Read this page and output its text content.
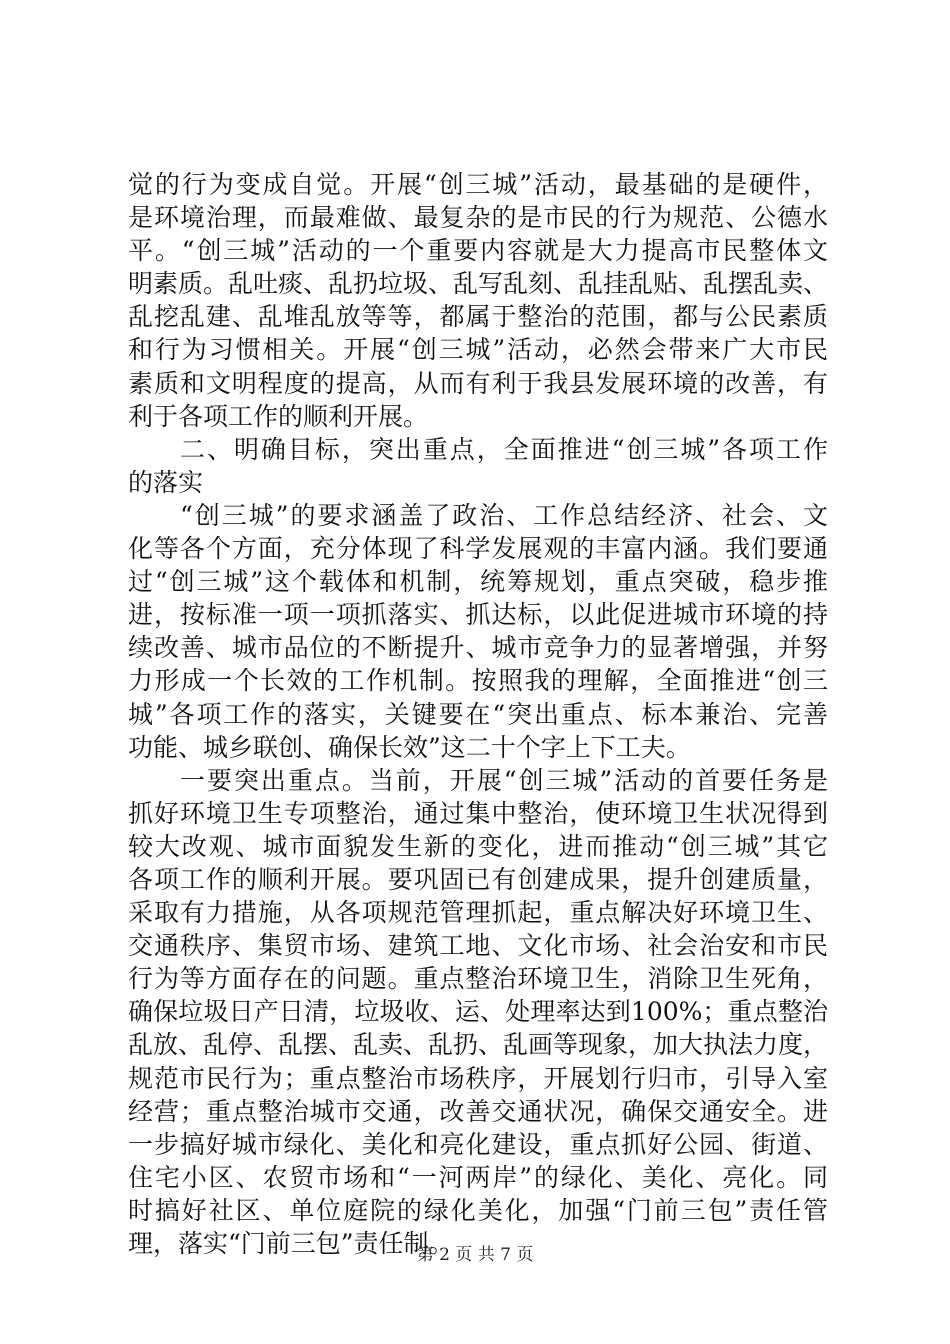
觉的行为变成自觉。开展“创三城”活动，最基础的是硬件，
是环境治理，而最难做、最复杂的是市民的行为规范、公德水
平。“创三城”活动的一个重要内容就是大力提高市民整体文
明素质。乱吐痰、乱扔垃圾、乱写乱刻、乱挂乱贴、乱摆乱卖、
乱挖乱建、乱堆乱放等等，都属于整治的范围，都与公民素质
和行为习惯相关。开展“创三城”活动，必然会带来广大市民
素质和文明程度的提高，从而有利于我县发展环境的改善，有
利于各项工作的顺利开展。
二、明确目标，突出重点，全面推进“创三城”各项工作
的落实
“创三城”的要求涵盖了政治、工作总结经济、社会、文
化等各个方面，充分体现了科学发展观的丰富内涵。我们要通
过“创三城”这个载体和机制，统筹规划，重点突破，稳步推
进，按标准一项一项抓落实、抓达标，以此促进城市环境的持
续改善、城市品位的不断提升、城市竞争力的显著增强，并努
力形成一个长效的工作机制。按照我的理解，全面推进“创三
城”各项工作的落实，关键要在“突出重点、标本兼治、完善
功能、城乡联创、确保长效”这二十个字上下工夫。
一要突出重点。当前，开展“创三城”活动的首要任务是
抓好环境卫生专项整治，通过集中整治，使环境卫生状况得到
较大改观、城市面貌发生新的变化，进而推动“创三城”其它
各项工作的顺利开展。要巩固已有创建成果，提升创建质量，
采取有力措施，从各项规范管理抓起，重点解决好环境卫生、
交通秩序、集贸市场、建筑工地、文化市场、社会治安和市民
行为等方面存在的问题。重点整治环境卫生，消除卫生死角，
确保垃圾日产日清，垃圾收、运、处理率达到100%；重点整治
乱放、乱停、乱摆、乱卖、乱扔、乱画等现象，加大执法力度，
规范市民行为；重点整治市场秩序，开展划行归市，引导入室
经营；重点整治城市交通，改善交通状况，确保交通安全。进
一步搞好城市绿化、美化和亮化建设，重点抓好公园、街道、
住宅小区、农贸市场和“一河两岸”的绿化、美化、亮化。同
时搞好社区、单位庭院的绿化美化，加强“门前三包”责任管
理，落实“门前三包”责任制。
第 2 页 共 7 页
